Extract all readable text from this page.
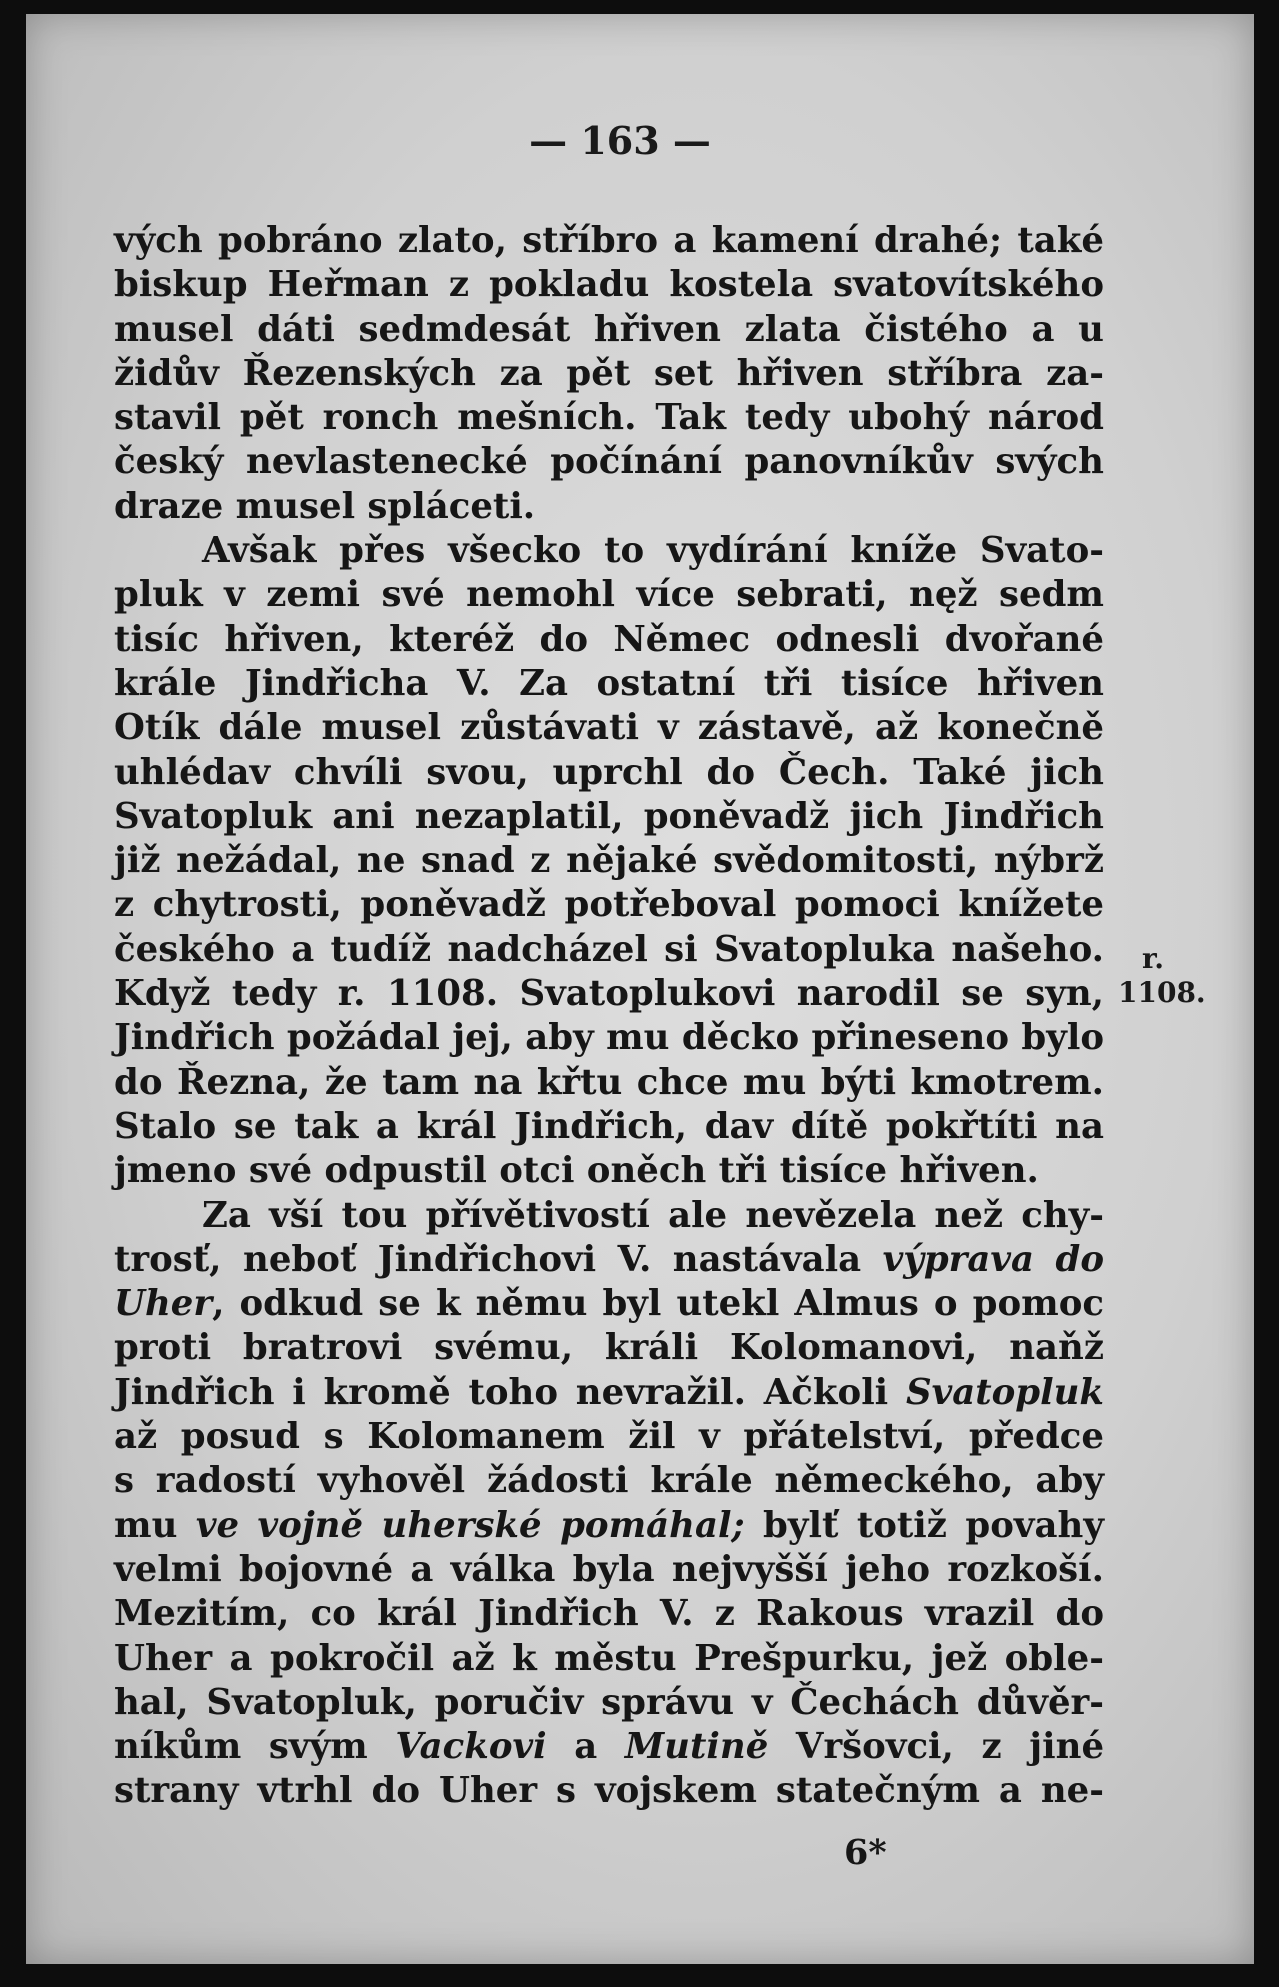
— 163 —
vých pobráno zlato, stříbro a kamení drahé; také
biskup Heřman z pokladu kostela svatovítského
musel dáti sedmdesát hřiven zlata čistého a u
židův Řezenských za pět set hřiven stříbra za-
stavil pět ronch mešních. Tak tedy ubohý národ
český nevlastenecké počínání panovníkův svých
draze musel spláceti.
Avšak přes všecko to vydírání kníže Svato-
pluk v zemi své nemohl více sebrati, nęž sedm
tisíc hřiven, kteréž do Němec odnesli dvořané
krále Jindřicha V. Za ostatní tři tisíce hřiven
Otík dále musel zůstávati v zástavě, až konečně
uhlédav chvíli svou, uprchl do Čech. Také jich
Svatopluk ani nezaplatil, poněvadž jich Jindřich
již nežádal, ne snad z nějaké svědomitosti, nýbrž
z chytrosti, poněvadž potřeboval pomoci knížete
českého a tudíž nadcházel si Svatopluka našeho.
Když tedy r. 1108. Svatoplukovi narodil se syn,
Jindřich požádal jej, aby mu děcko přineseno bylo
do Řezna, že tam na křtu chce mu býti kmotrem.
Stalo se tak a král Jindřich, dav dítě pokřtíti na
jmeno své odpustil otci oněch tři tisíce hřiven.
Za vší tou přívětivostí ale nevězela než chy-
trosť, neboť Jindřichovi V. nastávala výprava do
Uher, odkud se k němu byl utekl Almus o pomoc
proti bratrovi svému, králi Kolomanovi, naňž
Jindřich i kromě toho nevražil. Ačkoli Svatopluk
až posud s Kolomanem žil v přátelství, předce
s radostí vyhověl žádosti krále německého, aby
mu ve vojně uherské pomáhal; bylť totiž povahy
velmi bojovné a válka byla nejvyšší jeho rozkoší.
Mezitím, co král Jindřich V. z Rakous vrazil do
Uher a pokročil až k městu Prešpurku, jež oble-
hal, Svatopluk, poručiv správu v Čechách důvěr-
níkům svým Vackovi a Mutině Vršovci, z jiné
strany vtrhl do Uher s vojskem statečným a ne-
r.
1108.
6*
